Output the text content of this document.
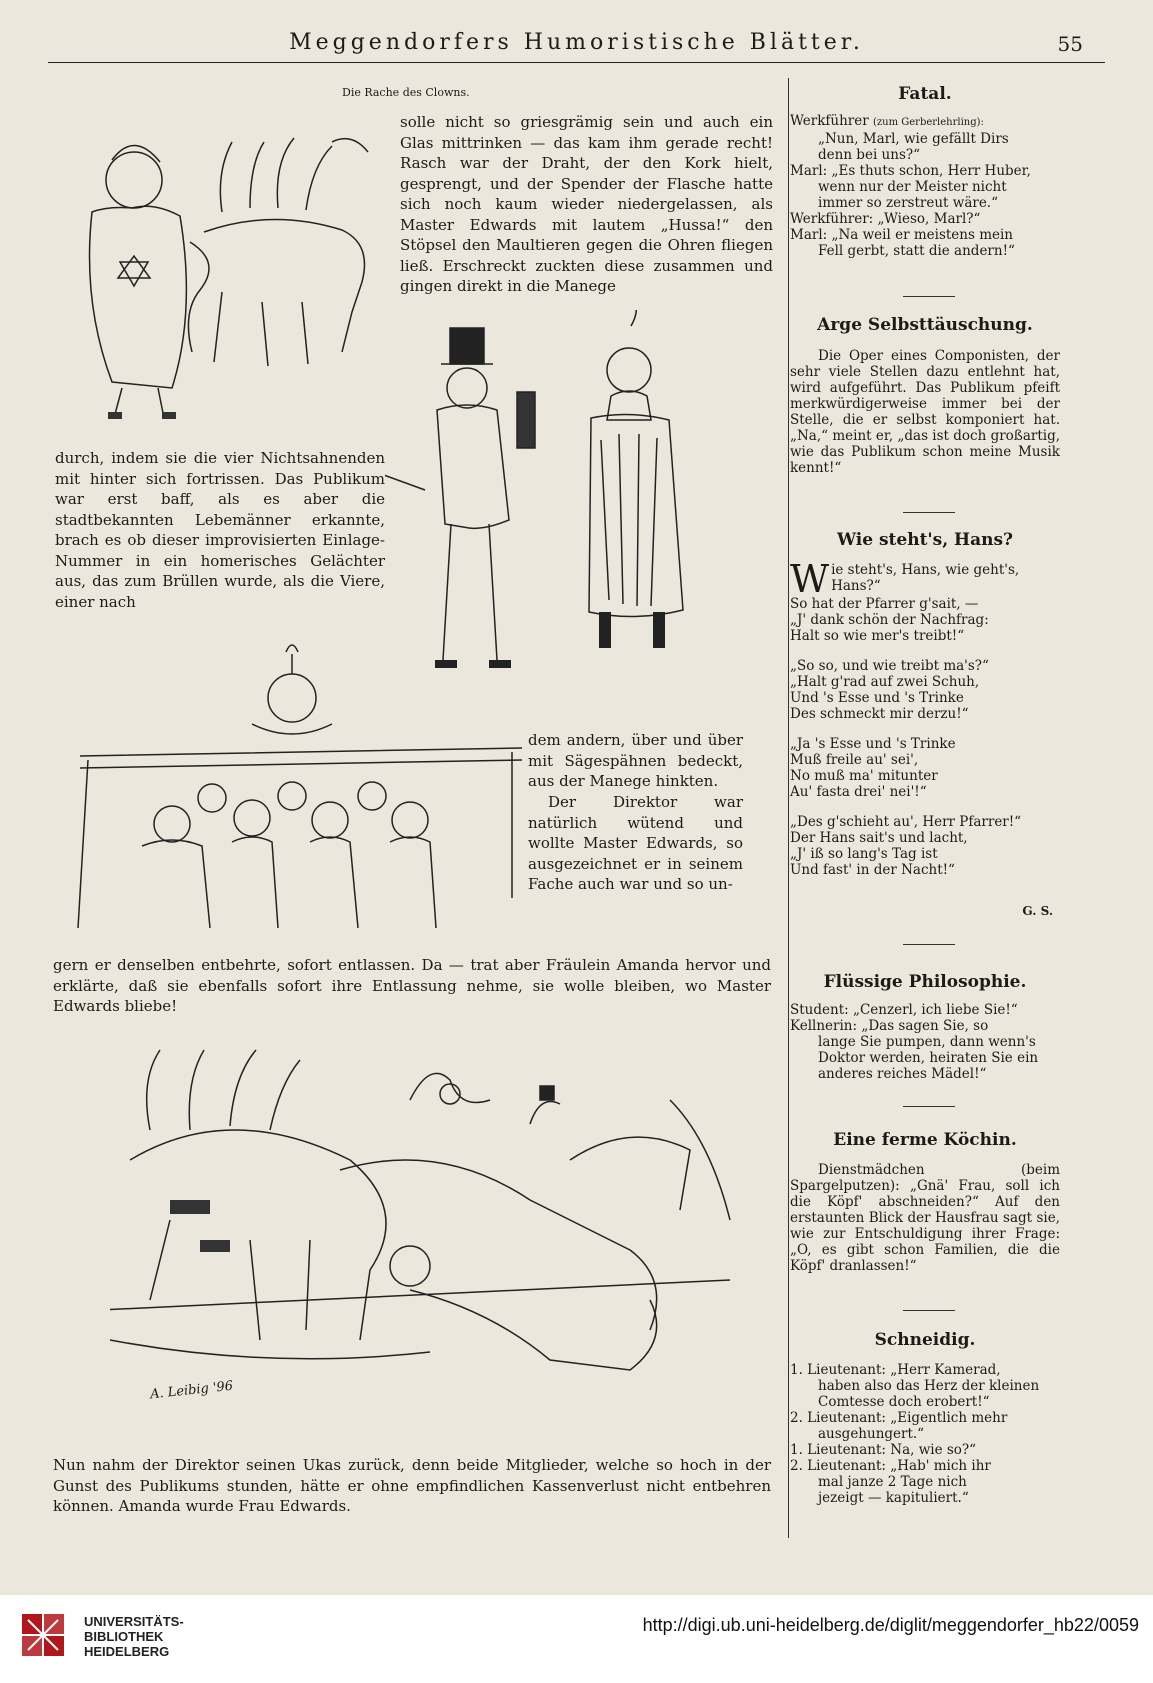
Meggendorfers Humoristische Blätter.	55
Die Rache des Clowns.

solle nicht so griesgrämig sein und auch ein Glas mittrinken — das kam ihm gerade recht! Rasch war der Draht, der den Kork hielt, gesprengt, und der Spender der Flasche hatte sich noch kaum wieder niedergelassen, als Master Edwards mit lautem „Hussa!“ den Stöpsel den Maultieren gegen die Ohren fliegen ließ. Erschreckt zuckten diese zusammen und gingen direkt in die Manege

durch, indem sie die vier Nichtsahnenden mit hinter sich fortrissen. Das Publikum war erst baff, als es aber die stadtbekannten Lebemänner erkannte, brach es ob dieser improvisierten Einlage-Nummer in ein homerisches Gelächter aus, das zum Brüllen wurde, als die Viere, einer nach

dem andern, über und über mit Sägespähnen bedeckt, aus der Manege hinkten.

Der Direktor war natürlich wütend und wollte Master Edwards, so ausgezeichnet er in seinem Fache auch war und so un-

gern er denselben entbehrte, sofort entlassen. Da — trat aber Fräulein Amanda hervor und erklärte, daß sie ebenfalls sofort ihre Entlassung nehme, sie wolle bleiben, wo Master Edwards bliebe!

A. Leibig '96

Nun nahm der Direktor seinen Ukas zurück, denn beide Mitglieder, welche so hoch in der Gunst des Publikums stunden, hätte er ohne empfindlichen Kassenverlust nicht entbehren können. Amanda wurde Frau Edwards.

Fatal.

Werkführer (zum Gerberlehrling):

„Nun, Marl, wie gefällt Dirs

denn bei uns?“

Marl: „Es thuts schon, Herr Huber,

wenn nur der Meister nicht

immer so zerstreut wäre.“

Werkführer: „Wieso, Marl?“

Marl: „Na weil er meistens mein

Fell gerbt, statt die andern!“

Arge Selbsttäuschung.

Die Oper eines Componisten, der sehr viele Stellen dazu entlehnt hat, wird aufgeführt. Das Publikum pfeift merkwürdigerweise immer bei der Stelle, die er selbst komponiert hat. „Na,“ meint er, „das ist doch großartig, wie das Publikum schon meine Musik kennt!“

Wie steht's, Hans?

Wie steht's, Hans, wie geht's,

Hans?“

So hat der Pfarrer g'sait, —

„J' dank schön der Nachfrag:

Halt so wie mer's treibt!“

„So so, und wie treibt ma's?“

„Halt g'rad auf zwei Schuh,

Und 's Esse und 's Trinke

Des schmeckt mir derzu!“

„Ja 's Esse und 's Trinke

Muß freile au' sei',

No muß ma' mitunter

Au' fasta drei' nei'!“

„Des g'schieht au', Herr Pfarrer!“

Der Hans sait's und lacht,

„J' iß so lang's Tag ist

Und fast' in der Nacht!“

G. S.
Flüssige Philosophie.

Student: „Cenzerl, ich liebe Sie!“

Kellnerin: „Das sagen Sie, so

lange Sie pumpen, dann wenn's

Doktor werden, heiraten Sie ein

anderes reiches Mädel!“

Eine ferme Köchin.

Dienstmädchen (beim Spargelputzen): „Gnä' Frau, soll ich die Köpf' abschneiden?“ Auf den erstaunten Blick der Hausfrau sagt sie, wie zur Entschuldigung ihrer Frage: „O, es gibt schon Familien, die die Köpf' dranlassen!“

Schneidig.

1. Lieutenant: „Herr Kamerad,

haben also das Herz der kleinen

Comtesse doch erobert!“

2. Lieutenant: „Eigentlich mehr

ausgehungert.“

1. Lieutenant: Na, wie so?“

2. Lieutenant: „Hab' mich ihr

mal janze 2 Tage nich

jezeigt — kapituliert.“

UNIVERSITÄTS-
BIBLIOTHEK
HEIDELBERG
http://digi.ub.uni-heidelberg.de/diglit/meggendorfer_hb22/0059
